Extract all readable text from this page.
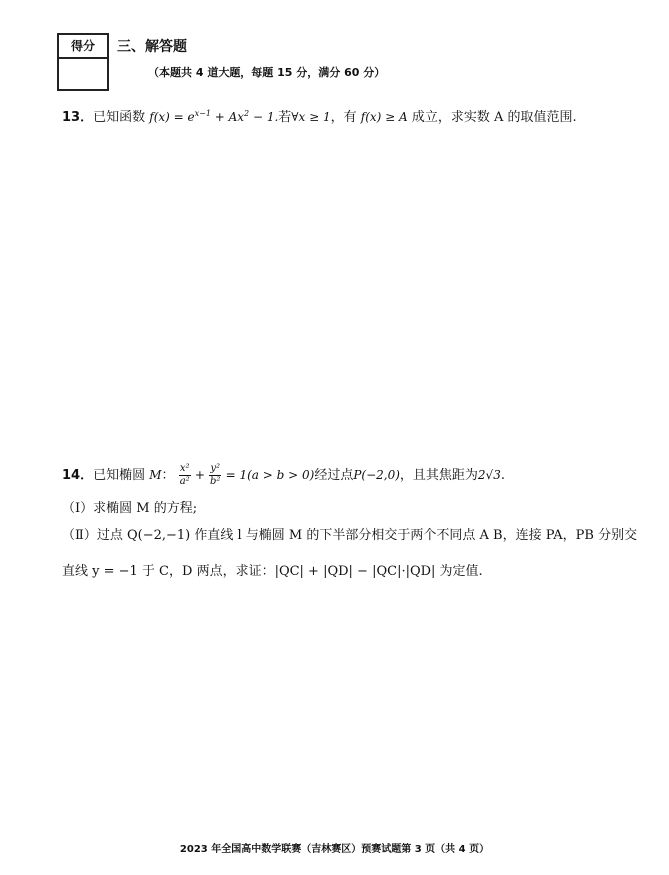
得分	三、解答题
（本题共 4 道大题，每题 15 分，满分 60 分）
13．已知函数 $f(x) = e^{x-1} + Ax^2 - 1$.若∀x ≥ 1，有 f(x) ≥ A 成立，求实数 A 的取值范围.
14．已知椭圆 M： $\frac{\text{x²}}{\text{a²}} + \frac{\text{y²}}{\text{b²}} = 1(a > b > 0)$经过点P(−2,0)，且其焦距为2√3.
（Ⅰ）求椭圆 M 的方程;
（Ⅱ）过点 Q(−2,−1) 作直线 l 与椭圆 M 的下半部分相交于两个不同点 A B，连接 PA，PB 分别交
直线 y = −1 于 C，D 两点，求证：|QC| + |QD| − |QC|·|QD| 为定值.
2023 年全国高中数学联赛（吉林赛区）预赛试题第 3 页（共 4 页）
